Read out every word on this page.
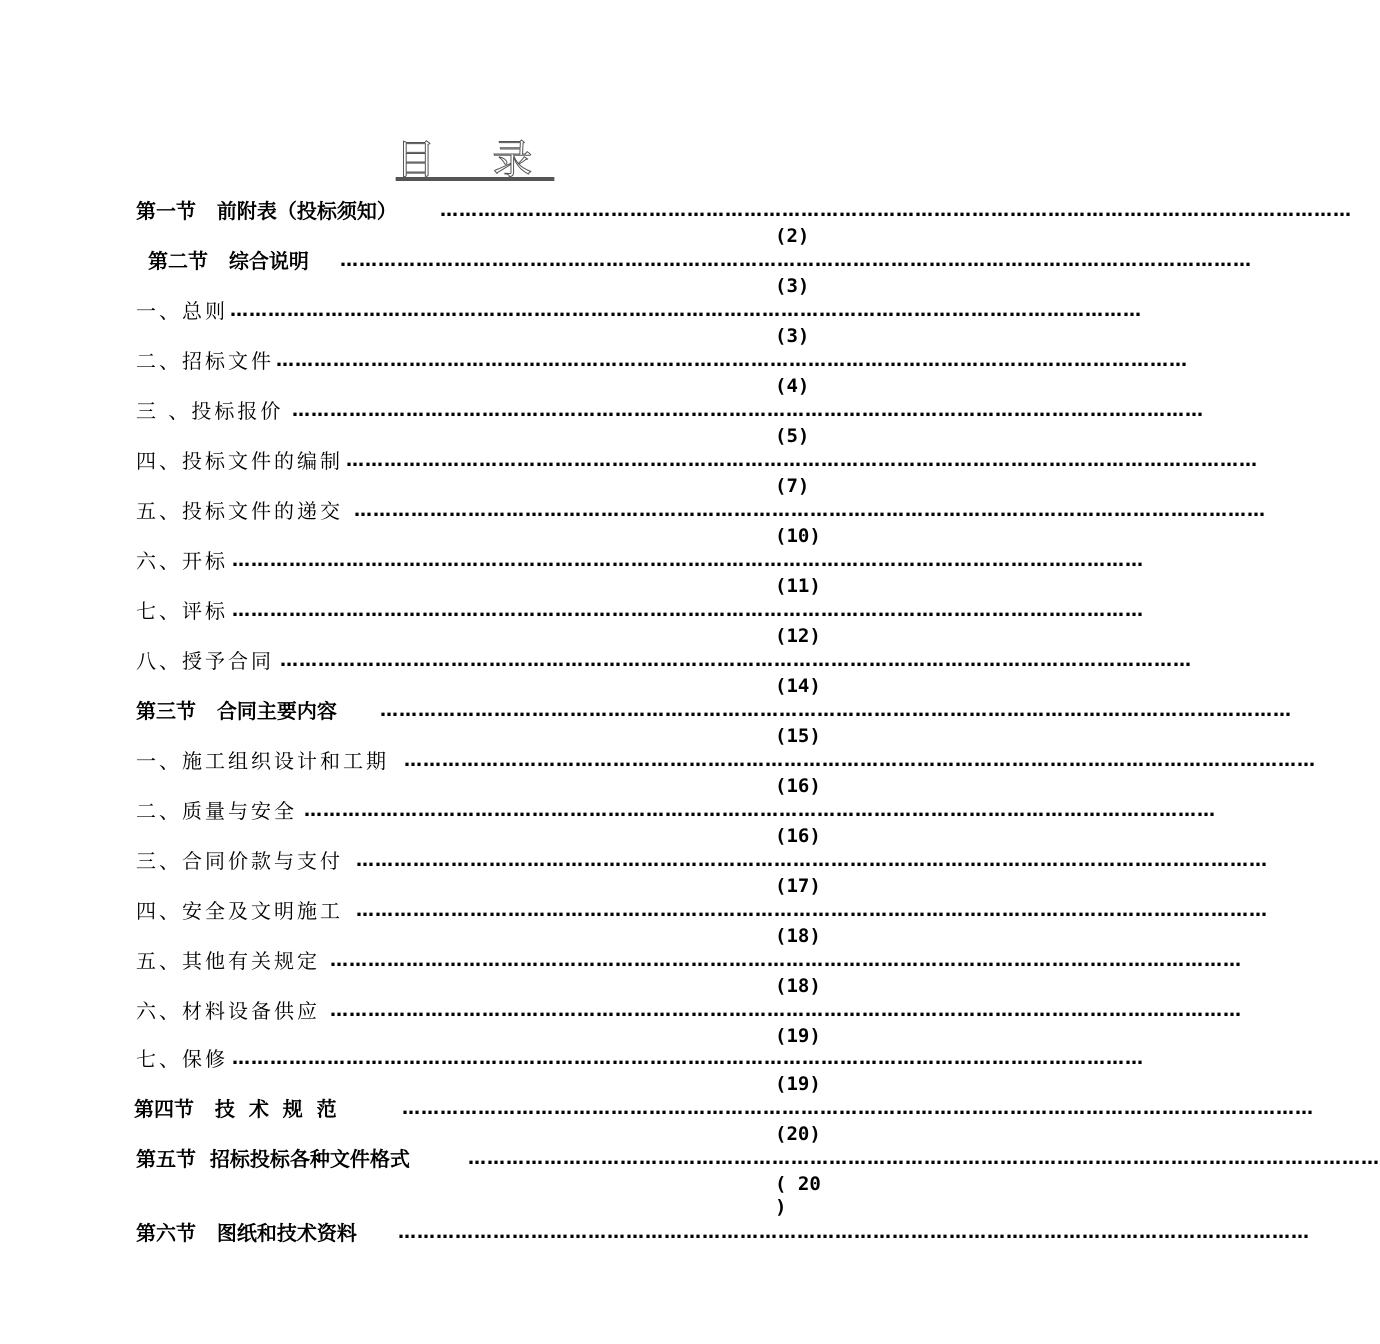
目 录
第一节   前附表（投标须知） ………………………………………………………………………………………………………………………………
(2)
第二节   综合说明 ………………………………………………………………………………………………………………………………
(3)
一、总则 ………………………………………………………………………………………………………………………………
(3)
二、招标文件 ………………………………………………………………………………………………………………………………
(4)
三 、投标报价 ………………………………………………………………………………………………………………………………
(5)
四、投标文件的编制 ………………………………………………………………………………………………………………………………
(7)
五、投标文件的递交 ………………………………………………………………………………………………………………………………
(10)
六、开标 ………………………………………………………………………………………………………………………………
(11)
七、评标 ………………………………………………………………………………………………………………………………
(12)
八、授予合同 ………………………………………………………………………………………………………………………………
(14)
第三节   合同主要内容 ………………………………………………………………………………………………………………………………
(15)
一、施工组织设计和工期 ………………………………………………………………………………………………………………………………
(16)
二、质量与安全 ………………………………………………………………………………………………………………………………
(16)
三、合同价款与支付 ………………………………………………………………………………………………………………………………
(17)
四、安全及文明施工 ………………………………………………………………………………………………………………………………
(18)
五、其他有关规定 ………………………………………………………………………………………………………………………………
(18)
六、材料设备供应 ………………………………………………………………………………………………………………………………
(19)
七、保修 ………………………………………………………………………………………………………………………………
(19)
第四节   技  术  规  范	………………………………………………………………………………………………………………………………
(20)
第五节  招标投标各种文件格式	………………………………………………………………………………………………………………………………
( 20 )
第六节   图纸和技术资料 ………………………………………………………………………………………………………………………………
